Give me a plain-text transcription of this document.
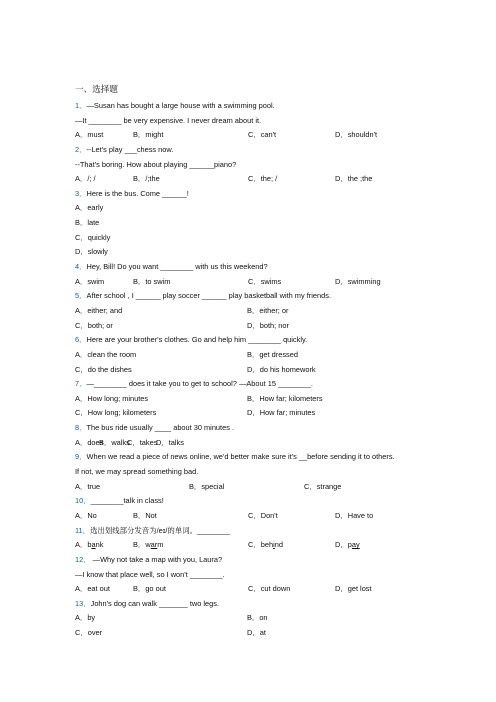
一、选择题
1．—Susan has bought a large house with a swimming pool.
—It ________ be very expensive. I never dream about it.
A．must	B．might	C．can't	D．shouldn't
2．--Let's play ___chess now.
--That's boring. How about playing ______piano?
A．/; /	B．/;the	C．the; /	D．the ;the
3．Here is the bus. Come ______!
A．early
B．late
C．quickly
D．slowly
4．Hey, Bill! Do you want ________ with us this weekend?
A．swim	B．to swim	C．swims	D．swimming
5．After school , I ______ play soccer ______ play basketball with my friends.
A．either; and	B．either; or
C．both; or	D．both; nor
6．Here are your brother's clothes. Go and help him ________ quickly.
A．clean the room	B．get dressed
C．do the dishes	D．do his homework
7．—________ does it take you to get to school? —About 15 ________.
A．How long; minutes	B．How far; kilometers
C．How long; kilometers	D．How far; minutes
8．The bus ride usually ____ about 30 minutes .
A．does
B．walks
C．takes
D．talks
9．When we read a piece of news online, we'd better make sure it's __before sending it to others.
If not, we may spread something bad.
A．true	B．special	C．strange
10．________talk in class!
A．No	B．Not	C．Don't	D．Have to
11．选出划线部分发音为/eɪ/的单词。________
A．bank	B．warm	C．behind	D．pay
12． —Why not take a map with you, Laura?
—I know that place well, so I won't ________.
A．eat out	B．go out	C．cut down	D．get lost
13．John's dog can walk _______ two legs.
A．by	B．on
C．over	D．at
